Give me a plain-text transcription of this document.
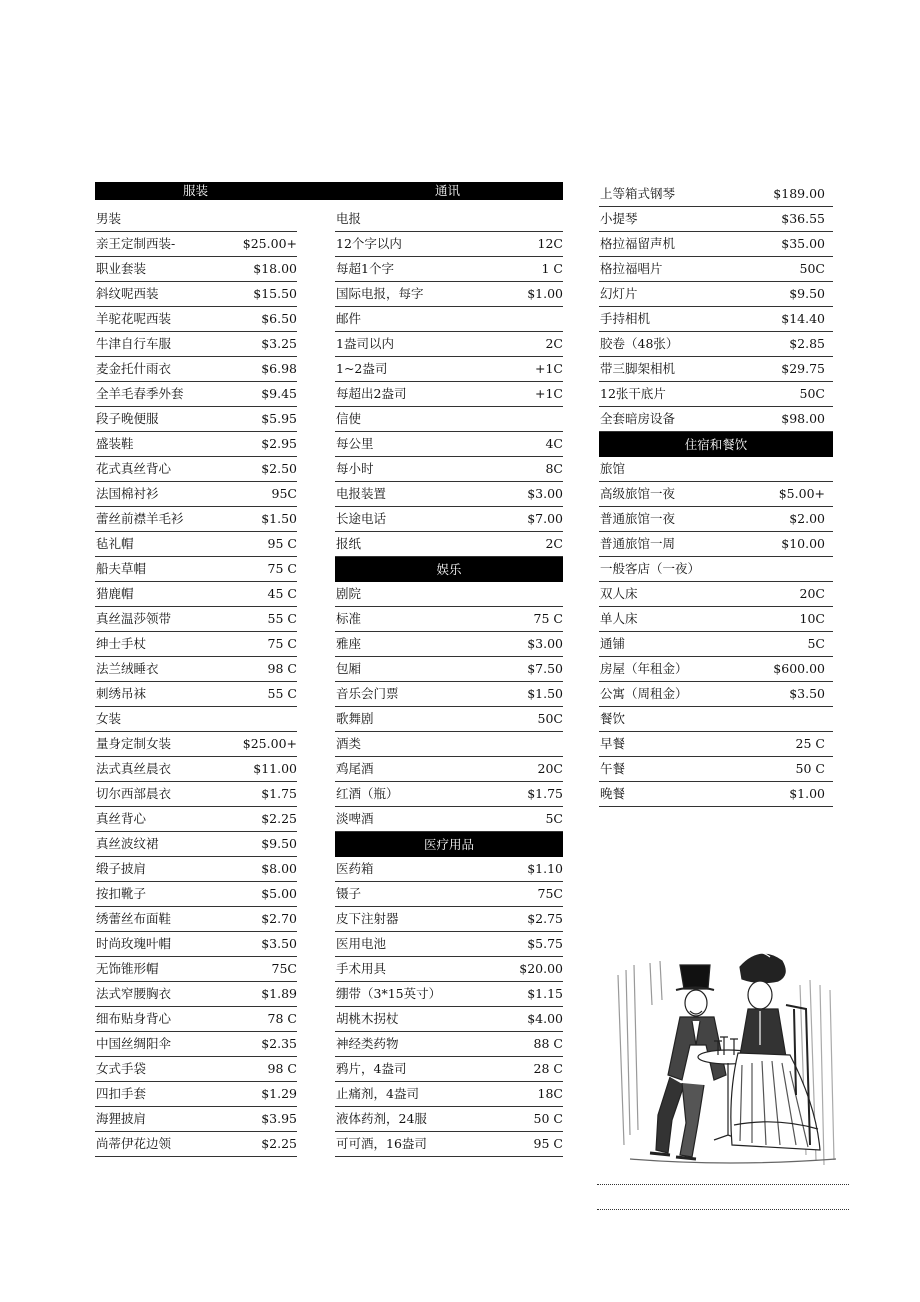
服装	通讯
男装
亲王定制西装-	$25.00+
职业套装	$18.00
斜纹呢西装	$15.50
羊驼花呢西装	$6.50
牛津自行车服	$3.25
麦金托什雨衣	$6.98
全羊毛春季外套	$9.45
段子晚便服	$5.95
盛装鞋	$2.95
花式真丝背心	$2.50
法国棉衬衫	95C
蕾丝前襟羊毛衫	$1.50
毡礼帽	95 C
船夫草帽	75 C
猎鹿帽	45 C
真丝温莎领带	55 C
绅士手杖	75 C
法兰绒睡衣	98 C
刺绣吊袜	55 C
女装
量身定制女装	$25.00+
法式真丝晨衣	$11.00
切尔西部晨衣	$1.75
真丝背心	$2.25
真丝波纹裙	$9.50
缎子披肩	$8.00
按扣靴子	$5.00
绣蕾丝布面鞋	$2.70
时尚玫瑰叶帽	$3.50
无饰锥形帽	75C
法式窄腰胸衣	$1.89
细布贴身背心	78 C
中国丝绸阳伞	$2.35
女式手袋	98 C
四扣手套	$1.29
海狸披肩	$3.95
尚蒂伊花边领	$2.25
电报
12个字以内	12C
每超1个字	1 C
国际电报，每字	$1.00
邮件
1盎司以内	2C
1~2盎司	+1C
每超出2盎司	+1C
信使
每公里	4C
每小时	8C
电报装置	$3.00
长途电话	$7.00
报纸	2C
娱乐
剧院
标准	75 C
雅座	$3.00
包厢	$7.50
音乐会门票	$1.50
歌舞剧	50C
酒类
鸡尾酒	20C
红酒（瓶）	$1.75
淡啤酒	5C
医疗用品
医药箱	$1.10
镊子	75C
皮下注射器	$2.75
医用电池	$5.75
手术用具	$20.00
绷带（3*15英寸）	$1.15
胡桃木拐杖	$4.00
神经类药物	88 C
鸦片，4盎司	28 C
止痛剂，4盎司	18C
液体药剂，24服	50 C
可可酒，16盎司	95 C
上等箱式钢琴	$189.00
小提琴	$36.55
格拉福留声机	$35.00
格拉福唱片	50C
幻灯片	$9.50
手持相机	$14.40
胶卷（48张）	$2.85
带三脚架相机	$29.75
12张干底片	50C
全套暗房设备	$98.00
住宿和餐饮
旅馆
高级旅馆一夜	$5.00+
普通旅馆一夜	$2.00
普通旅馆一周	$10.00
一般客店（一夜）
双人床	20C
单人床	10C
通铺	5C
房屋（年租金）	$600.00
公寓（周租金）	$3.50
餐饮
早餐	25 C
午餐	50 C
晚餐	$1.00
